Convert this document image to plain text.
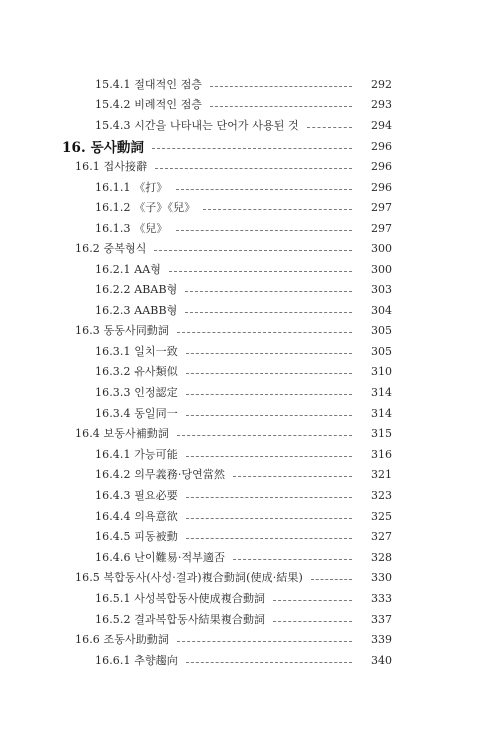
15.4.1 절대적인 점층	292
15.4.2 비례적인 점층	293
15.4.3 시간을 나타내는 단어가 사용된 것	294
16. 동사動詞	296
16.1 접사接辭	296
16.1.1 《打》	296
16.1.2 《子》《兒》	297
16.1.3 《兒》	297
16.2 중복형식	300
16.2.1 AA형	300
16.2.2 ABAB형	303
16.2.3 AABB형	304
16.3 동동사同動詞	305
16.3.1 일치一致	305
16.3.2 유사類似	310
16.3.3 인정認定	314
16.3.4 동일同一	314
16.4 보동사補動詞	315
16.4.1 가능可能	316
16.4.2 의무義務·당연當然	321
16.4.3 필요必要	323
16.4.4 의욕意欲	325
16.4.5 피동被動	327
16.4.6 난이難易·적부適否	328
16.5 복합동사(사성·결과)複合動詞(使成·結果)	330
16.5.1 사성복합동사使成複合動詞	333
16.5.2 결과복합동사結果複合動詞	337
16.6 조동사助動詞	339
16.6.1 추향趨向	340
